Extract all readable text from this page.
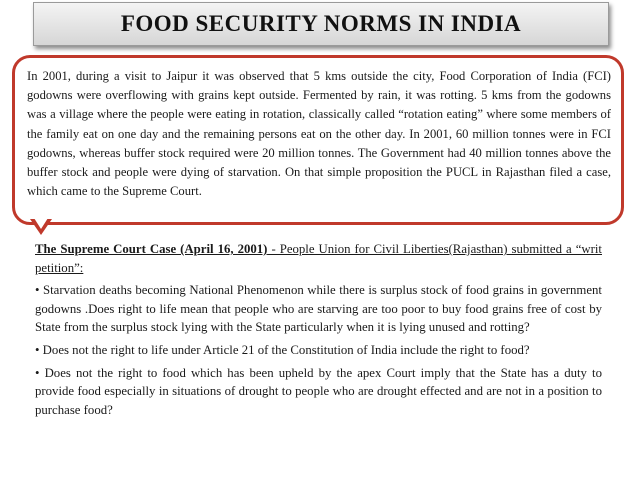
FOOD SECURITY NORMS IN INDIA

In 2001, during a visit to Jaipur it was observed that 5 kms outside the city, Food Corporation of India (FCI) godowns were overflowing with grains kept outside. Fermented by rain, it was rotting. 5 kms from the godowns was a village where the people were eating in rotation, classically called “rotation eating” where some members of the family eat on one day and the remaining persons eat on the other day. In 2001, 60 million tonnes were in FCI godowns, whereas buffer stock required were 20 million tonnes. The Government had 40 million tonnes above the buffer stock and people were dying of starvation. On that simple proposition the PUCL in Rajasthan filed a case, which came to the Supreme Court.

The Supreme Court Case (April 16, 2001) - People Union for Civil Liberties(Rajasthan) submitted a “writ petition”:

• Starvation deaths becoming National Phenomenon while there is surplus stock of food grains in government godowns .Does right to life mean that people who are starving are too poor to buy food grains free of cost by State from the surplus stock lying with the State particularly when it is lying unused and rotting?

• Does not the right to life under Article 21 of the Constitution of India include the right to food?

• Does not the right to food which has been upheld by the apex Court imply that the State has a duty to provide food especially in situations of drought to people who are drought effected and are not in a position to purchase food?
